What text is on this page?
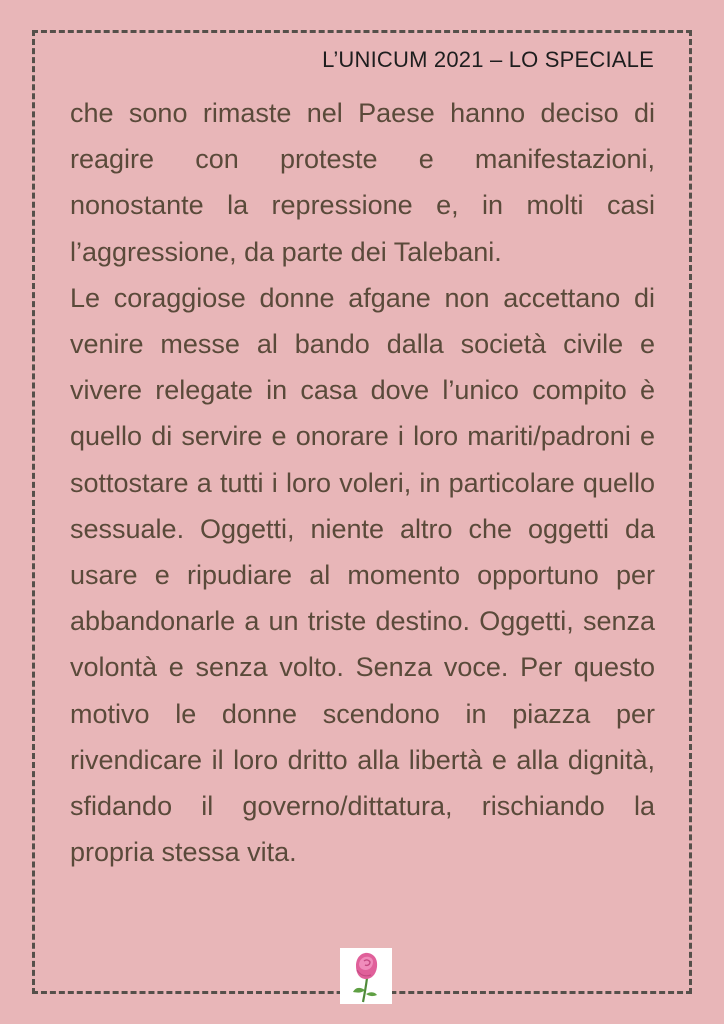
L’UNICUM 2021 – LO SPECIALE

che sono rimaste nel Paese hanno deciso di reagire con proteste e manifestazioni, nonostante la repressione e, in molti casi l’aggressione, da parte dei Talebani.

Le coraggiose donne afgane non accettano di venire messe al bando dalla società civile e vivere relegate in casa dove l’unico compito è quello di servire e onorare i loro mariti/padroni e sottostare a tutti i loro voleri, in particolare quello sessuale. Oggetti, niente altro che oggetti da usare e ripudiare al momento opportuno per abbandonarle a un triste destino. Oggetti, senza volontà e senza volto. Senza voce. Per questo motivo le donne scendono in piazza per rivendicare il loro dritto alla libertà e alla dignità, sfidando il governo/dittatura, rischiando la propria stessa vita.
